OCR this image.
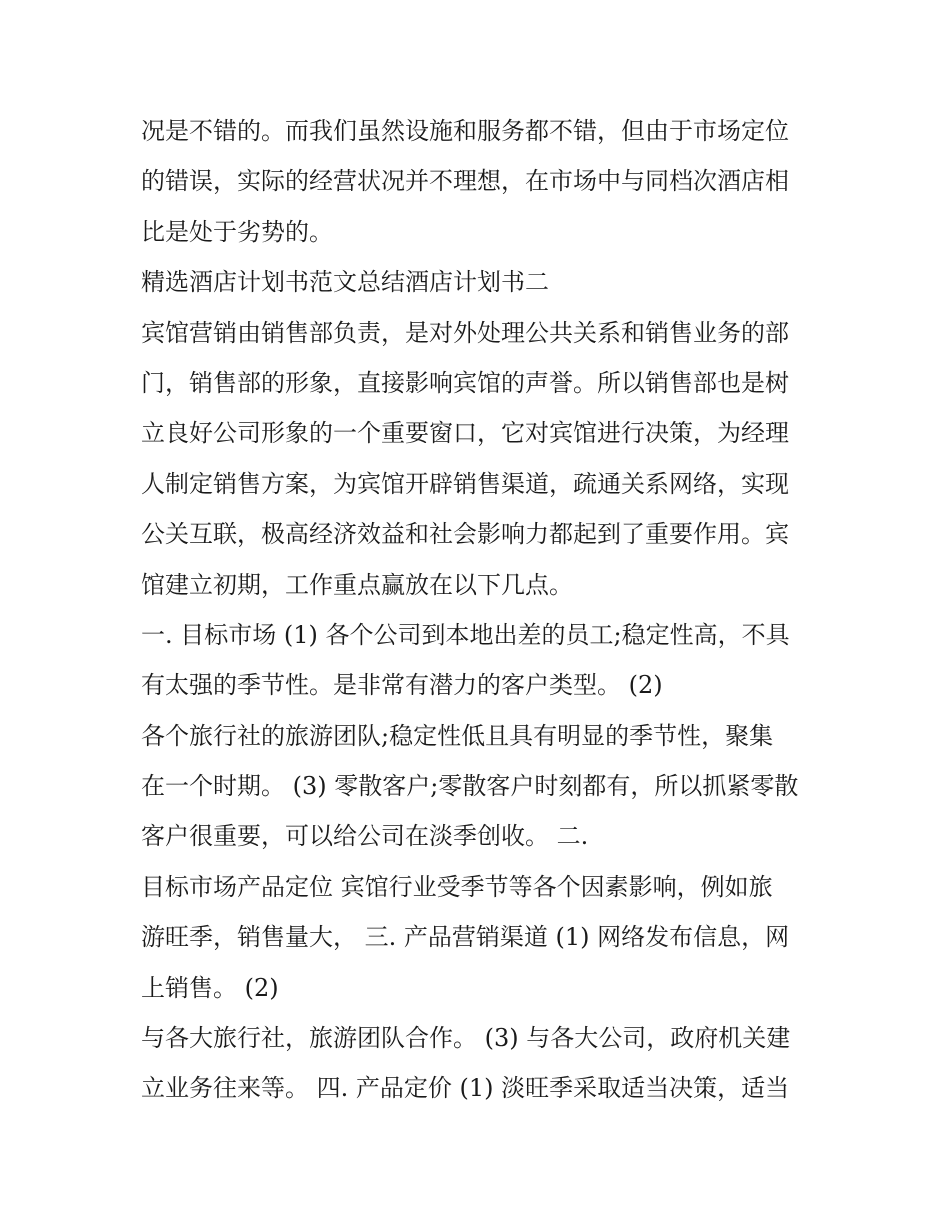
况是不错的。而我们虽然设施和服务都不错，但由于市场定位
的错误，实际的经营状况并不理想，在市场中与同档次酒店相
比是处于劣势的。
精选酒店计划书范文总结酒店计划书二
宾馆营销由销售部负责，是对外处理公共关系和销售业务的部
门，销售部的形象，直接影响宾馆的声誉。所以销售部也是树
立良好公司形象的一个重要窗口，它对宾馆进行决策，为经理
人制定销售方案，为宾馆开辟销售渠道，疏通关系网络，实现
公关互联，极高经济效益和社会影响力都起到了重要作用。宾
馆建立初期，工作重点赢放在以下几点。
一. 目标市场 (1) 各个公司到本地出差的员工;稳定性高，不具
有太强的季节性。是非常有潜力的客户类型。 (2)
各个旅行社的旅游团队;稳定性低且具有明显的季节性，聚集
在一个时期。 (3) 零散客户;零散客户时刻都有，所以抓紧零散
客户很重要，可以给公司在淡季创收。 二.
目标市场产品定位 宾馆行业受季节等各个因素影响，例如旅
游旺季，销售量大， 三. 产品营销渠道 (1) 网络发布信息，网
上销售。 (2)
与各大旅行社，旅游团队合作。 (3) 与各大公司，政府机关建
立业务往来等。 四. 产品定价 (1) 淡旺季采取适当决策，适当
